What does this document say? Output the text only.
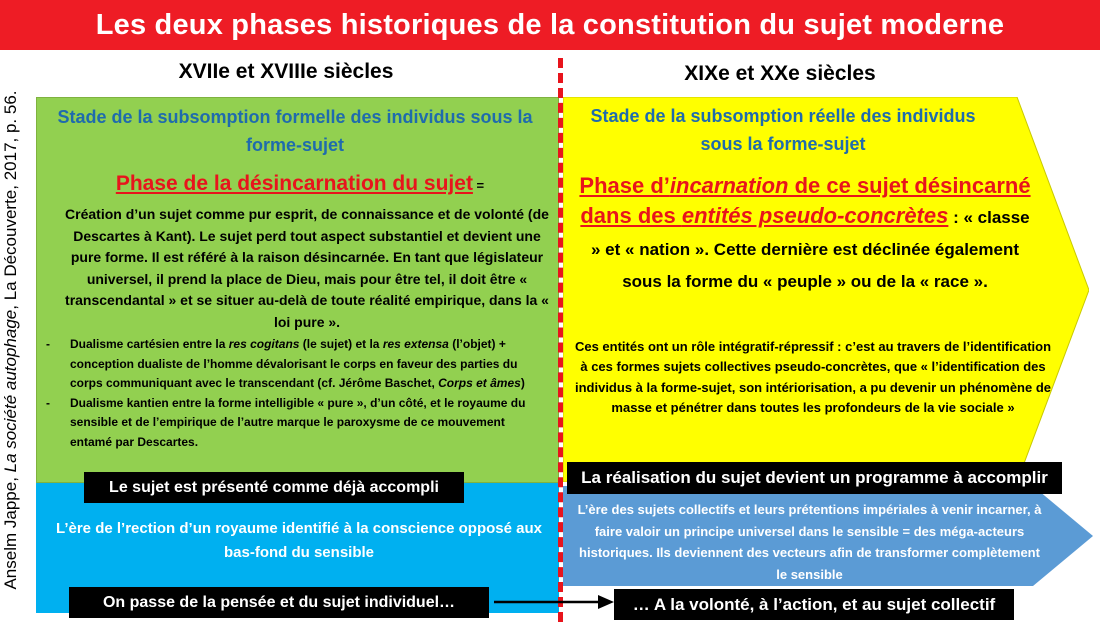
Les deux phases historiques de la constitution du sujet moderne
XVIIe et XVIIIe siècles	XIXe et XXe siècles
Anselm Jappe, La société autophage, La Découverte, 2017, p. 56.	Stade de la subsomption formelle des individus sous la forme-sujet
Phase de la désincarnation du sujet =
Création d’un sujet comme pur esprit, de connaissance et de volonté (de Descartes à Kant). Le sujet perd tout aspect substantiel et devient une pure forme. Il est référé à la raison désincarnée. En tant que législateur universel, il prend la place de Dieu, mais pour être tel, il doit être « transcendantal » et se situer au-delà de toute réalité empirique, dans la « loi pure ».
- Dualisme cartésien entre la res cogitans (le sujet) et la res extensa (l’objet) + conception dualiste de l’homme dévalorisant le corps en faveur des parties du corps communiquant avec le transcendant (cf. Jérôme Baschet, Corps et âmes)
- Dualisme kantien entre la forme intelligible « pure », d’un côté, et le royaume du sensible et de l’empirique de l’autre marque le paroxysme de ce mouvement entamé par Descartes.
Stade de la subsomption réelle des individus sous la forme-sujet
Phase d’incarnation de ce sujet désincarné dans des entités pseudo-concrètes : « classe » et « nation ». Cette dernière est déclinée également sous la forme du « peuple » ou de la « race ».
Ces entités ont un rôle intégratif-répressif : c’est au travers de l’identification à ces formes sujets collectives pseudo-concrètes, que « l’identification des individus à la forme-sujet, son intériorisation, a pu devenir un phénomène de masse et pénétrer dans toutes les profondeurs de la vie sociale »
Le sujet est présenté comme déjà accompli	La réalisation du sujet devient un programme à accomplir
L’ère de l’rection d’un royaume identifié à la conscience opposé aux bas-fond du sensible
L’ère des sujets collectifs et leurs prétentions impériales à venir incarner, à faire valoir un principe universel dans le sensible = des méga-acteurs historiques. Ils deviennent des vecteurs afin de transformer complètement le sensible
On passe de la pensée et du sujet individuel…	… A la volonté, à l’action, et au sujet collectif
